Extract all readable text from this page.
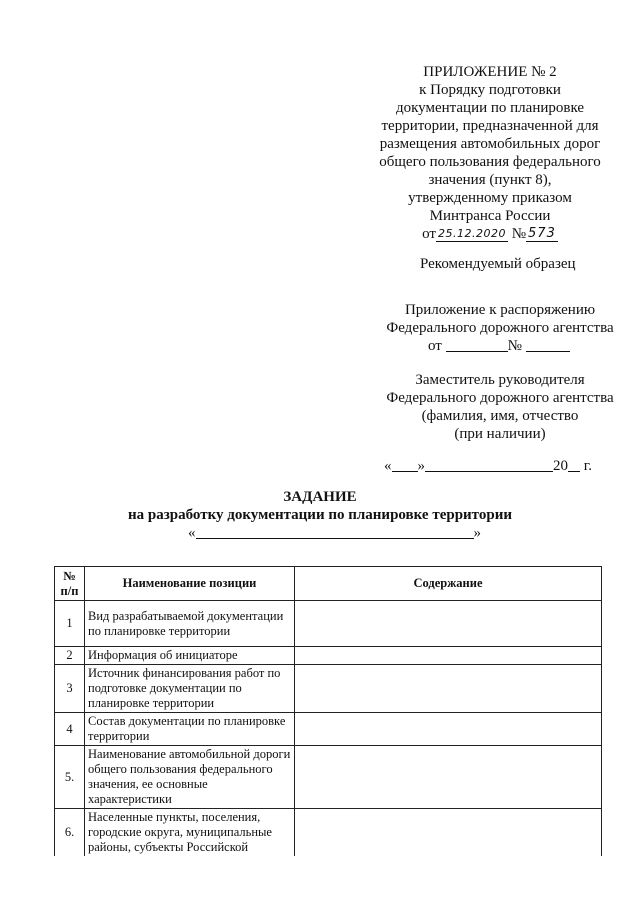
ПРИЛОЖЕНИЕ № 2
к Порядку подготовки
документации по планировке
территории, предназначенной для
размещения автомобильных дорог
общего пользования федерального
значения (пункт 8),
утвержденному приказом
Минтранса России
от 25.12.2020 № 573
Рекомендуемый образец
Приложение к распоряжению
Федерального дорожного агентства
от	№
Заместитель руководителя
Федерального дорожного агентства
(фамилия, имя, отчество
(при наличии)
« »	20 г.
ЗАДАНИЕ
на разработку документации по планировке территории
«	»
№ п/п	Наименование позиции	Содержание
1	Вид разрабатываемой документации по планировке территории	
2	Информация об инициаторе	
3	Источник финансирования работ по подготовке документации по планировке территории	
4	Состав документации по планировке территории	
5.	Наименование автомобильной дороги общего пользования федерального значения, ее основные характеристики	
6.	Населенные пункты, поселения, городские округа, муниципальные районы, субъекты Российской	
